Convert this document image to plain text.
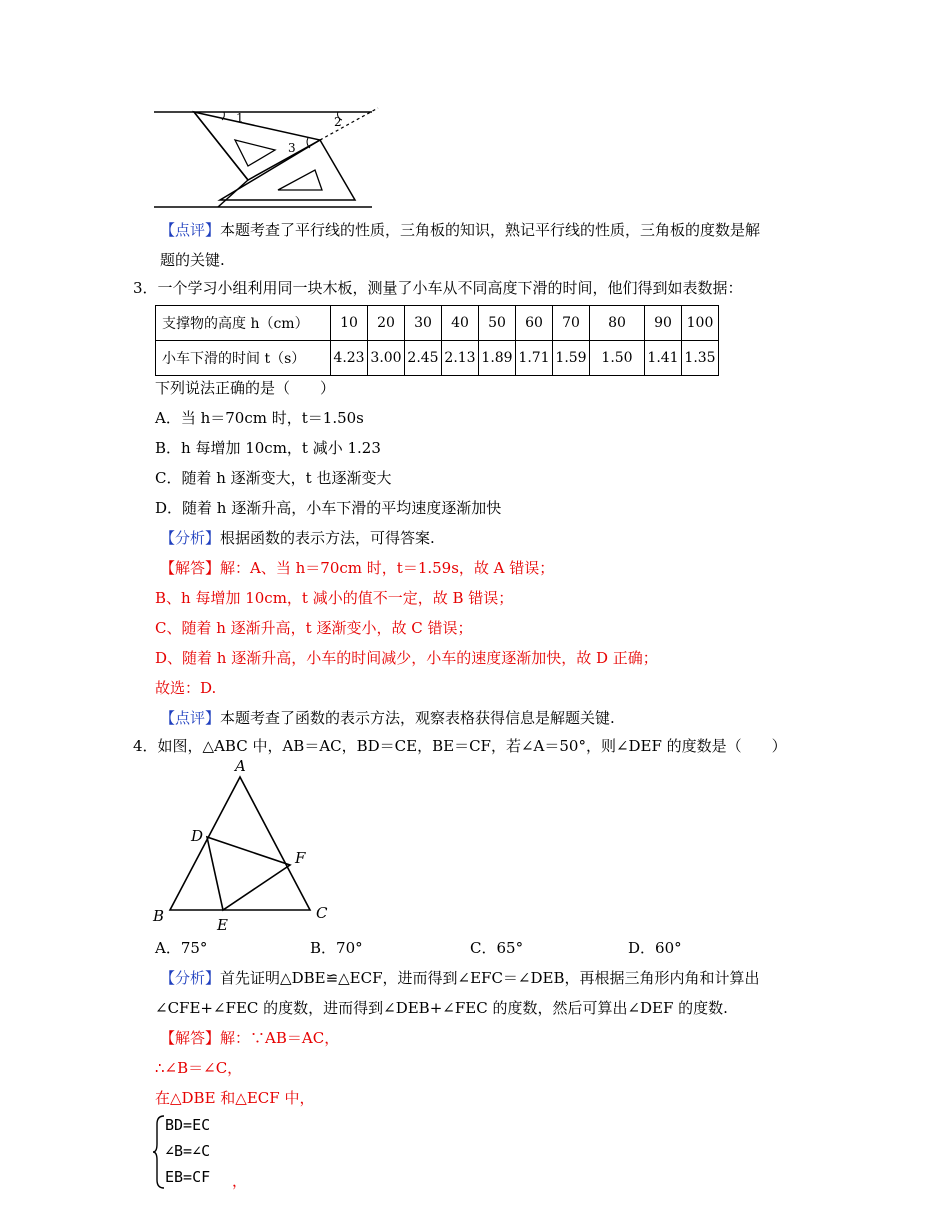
1	2
3
【点评】本题考查了平行线的性质，三角板的知识，熟记平行线的性质，三角板的度数是解
题的关键.
3．一个学习小组利用同一块木板，测量了小车从不同高度下滑的时间，他们得到如表数据：
支撑物的高度 h（cm）	10	20	30	40	50	60	70	80	90	100
小车下滑的时间 t（s）	4.23	3.00	2.45	2.13	1.89	1.71	1.59	1.50	1.41	1.35
下列说法正确的是（　　）
A．当 h＝70cm 时，t＝1.50s
B．h 每增加 10cm，t 减小 1.23
C．随着 h 逐渐变大，t 也逐渐变大
D．随着 h 逐渐升高，小车下滑的平均速度逐渐加快
【分析】根据函数的表示方法，可得答案.
【解答】解：A、当 h＝70cm 时，t＝1.59s，故 A 错误；
B、h 每增加 10cm，t 减小的值不一定，故 B 错误；
C、随着 h 逐渐升高，t 逐渐变小，故 C 错误；
D、随着 h 逐渐升高，小车的时间减少，小车的速度逐渐加快，故 D 正确；
故选：D.
【点评】本题考查了函数的表示方法，观察表格获得信息是解题关键.
4．如图，△ABC 中，AB＝AC，BD＝CE，BE＝CF，若∠A＝50°，则∠DEF 的度数是（　　）
A
D
F
B	E
C
A．75°	B．70°	C．65°	D．60°
【分析】首先证明△DBE≌△ECF，进而得到∠EFC＝∠DEB，再根据三角形内角和计算出
∠CFE+∠FEC 的度数，进而得到∠DEB+∠FEC 的度数，然后可算出∠DEF 的度数.
【解答】解：∵AB＝AC，
∴∠B＝∠C，
在△DBE 和△ECF 中，
BD=EC
∠B=∠C
EB=CF ，
